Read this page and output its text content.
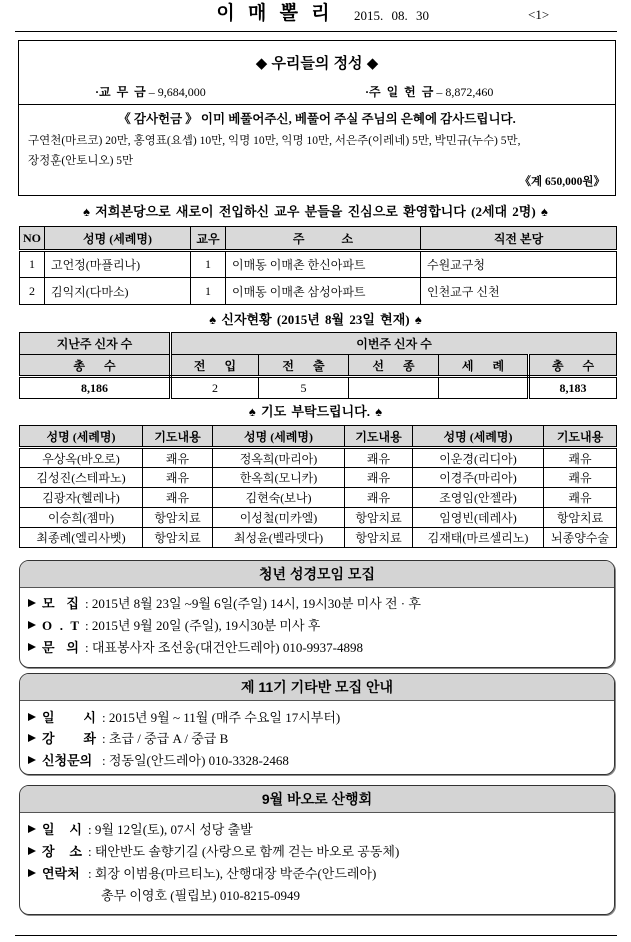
이 매 뽈 리	2015. 08. 30	<1>
◆ 우리들의 정성 ◆
·교 무 금 – 9,684,000	·주 일 헌 금 – 8,872,460
《 감사헌금 》 이미 베풀어주신, 베풀어 주실 주님의 은혜에 감사드립니다.
구연천(마르코) 20만, 홍영표(요셉) 10만, 익명 10만, 익명 10만, 서은주(이레네) 5만, 박민규(누수) 5만,
장정훈(안토니오) 5만
《계 650,000원》
♠ 저희본당으로 새로이 전입하신 교우 분들을 진심으로 환영합니다 (2세대 2명) ♠
NO	성명 (세례명)	교우	주 소	직전 본당
1	고언정(마플리나)	1	이매동 이매촌 한신아파트	수원교구청
2	김익지(다마소)	1	이매동 이매촌 삼성아파트	인천교구 신천
♠ 신자현황 (2015년 8월 23일 현재) ♠
지난주 신자 수	이번주 신자 수				
총 수	전 입	전 출	선 종	세 례	총 수
8,186	2	5			8,183
♠ 기도 부탁드립니다. ♠
성명 (세례명)	기도내용	성명 (세례명)	기도내용	성명 (세례명)	기도내용
우상옥(바오로)	쾌유	정옥희(마리아)	쾌유	이운경(리디아)	쾌유
김성진(스테파노)	쾌유	한옥희(모니카)	쾌유	이경주(마리아)	쾌유
김광자(헬레나)	쾌유	김현숙(보나)	쾌유	조영임(안젤라)	쾌유
이승희(젬마)	항암치료	이성철(미카엘)	항암치료	임영빈(데레사)	항암치료
최종례(엘리사벳)	항암치료	최성윤(벨라뎃다)	항암치료	김재태(마르셀리노)	뇌종양수술
청년 성경모임 모집
모 집 : 2015년 8월 23일 ~9월 6일(주일) 14시, 19시30분 미사 전 · 후
O . T : 2015년 9월 20일 (주일), 19시30분 미사 후
문 의 : 대표봉사자 조선웅(대건안드레아) 010-9937-4898
제 11기 기타반 모집 안내
일 시 : 2015년 9월 ~ 11월 (매주 수요일 17시부터)
강 좌 : 초급 / 중급 A / 중급 B
신청문의 : 정동일(안드레아) 010-3328-2468
9월 바오로 산행회
일 시 : 9월 12일(토), 07시 성당 출발
장 소 : 태안반도 솔향기길 (사랑으로 함께 걷는 바오로 공동체)
연락처 : 회장 이범용(마르티노), 산행대장 박준수(안드레아)
총무 이영호 (필립보) 010-8215-0949
